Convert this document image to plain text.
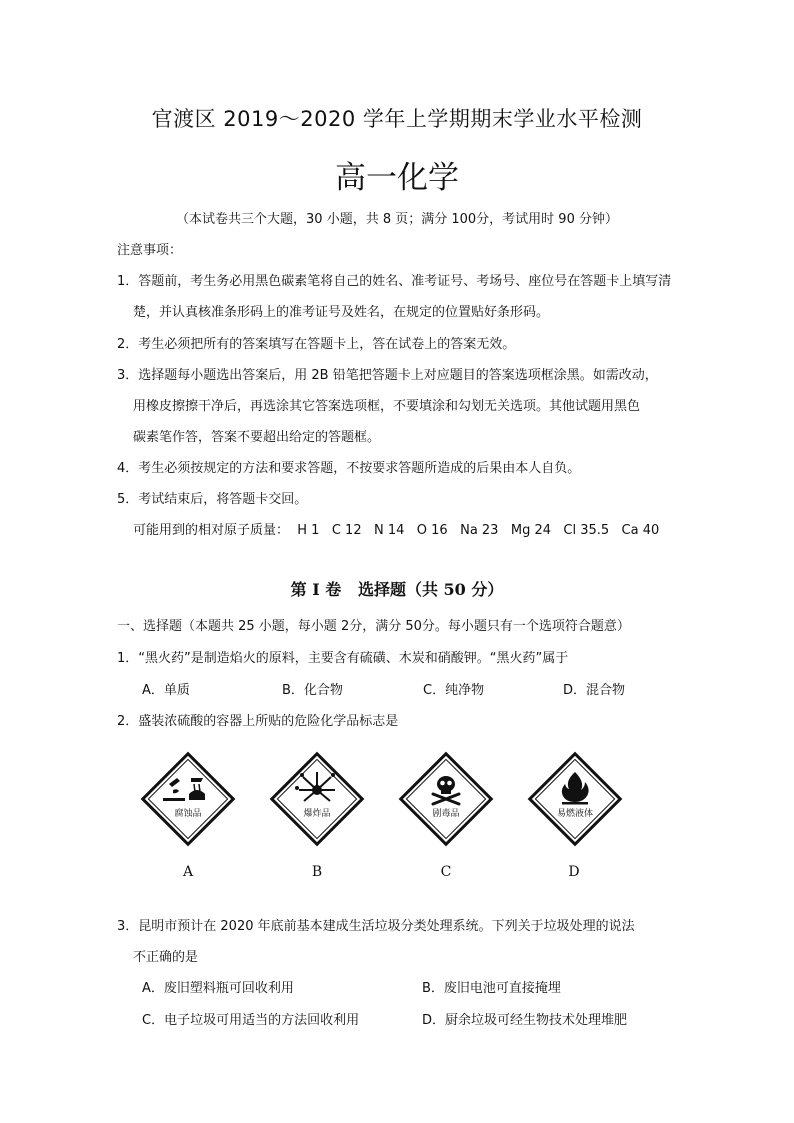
官渡区 2019～2020 学年上学期期末学业水平检测
高一化学
（本试卷共三个大题，30 小题，共 8 页；满分 100分，考试用时 90 分钟）
注意事项：
1．答题前，考生务必用黑色碳素笔将自己的姓名、准考证号、考场号、座位号在答题卡上填写清
楚，并认真核准条形码上的准考证号及姓名，在规定的位置贴好条形码。
2．考生必须把所有的答案填写在答题卡上，答在试卷上的答案无效。
3．选择题每小题选出答案后，用 2B 铅笔把答题卡上对应题目的答案选项框涂黑。如需改动，
用橡皮擦擦干净后，再选涂其它答案选项框，不要填涂和勾划无关选项。其他试题用黑色
碳素笔作答，答案不要超出给定的答题框。
4．考生必须按规定的方法和要求答题，不按要求答题所造成的后果由本人自负。
5．考试结束后，将答题卡交回。
可能用到的相对原子质量：  H 1   C 12   N 14   O 16   Na 23   Mg 24   Cl 35.5   Ca 40
第 I 卷   选择题（共 50 分）
一、选择题（本题共 25 小题，每小题 2分，满分 50分。每小题只有一个选项符合题意）
1．“黑火药”是制造焰火的原料，主要含有硫磺、木炭和硝酸钾。“黑火药”属于
A．单质	B．化合物	C．纯净物	D．混合物
2．盛装浓硫酸的容器上所贴的危险化学品标志是
腐蚀品	爆炸品	剧毒品	易燃液体
A	B	C	D
3．昆明市预计在 2020 年底前基本建成生活垃圾分类处理系统。下列关于垃圾处理的说法
不正确的是
A．废旧塑料瓶可回收利用	B．废旧电池可直接掩埋
C．电子垃圾可用适当的方法回收利用	D．厨余垃圾可经生物技术处理堆肥
